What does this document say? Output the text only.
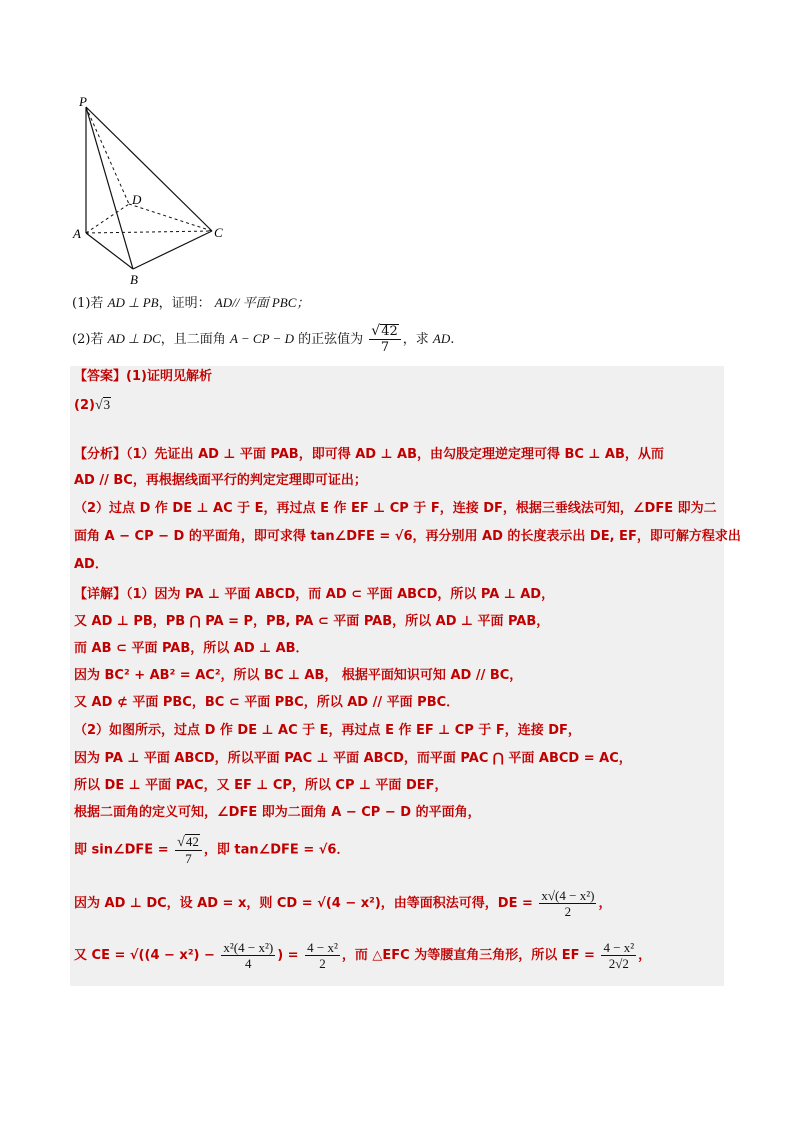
P
A
B
C
D
(1)若 AD ⊥ PB，证明： AD// 平面 PBC；
(2)若 AD ⊥ DC，且二面角 A − CP − D 的正弦值为 $\frac{√42}{7}$ ，求 AD.
【答案】(1)证明见解析
(2)√3
【分析】（1）先证出 AD ⊥ 平面 PAB，即可得 AD ⊥ AB，由勾股定理逆定理可得 BC ⊥ AB，从而
AD // BC，再根据线面平行的判定定理即可证出；
（2）过点 D 作 DE ⊥ AC 于 E，再过点 E 作 EF ⊥ CP 于 F，连接 DF，根据三垂线法可知，∠DFE 即为二
面角 A − CP − D 的平面角，即可求得 tan∠DFE = √6，再分别用 AD 的长度表示出 DE, EF，即可解方程求出
AD．
【详解】（1）因为 PA ⊥ 平面 ABCD，而 AD ⊂ 平面 ABCD，所以 PA ⊥ AD，
又 AD ⊥ PB，PB ⋂ PA = P，PB, PA ⊂ 平面 PAB，所以 AD ⊥ 平面 PAB，
而 AB ⊂ 平面 PAB，所以 AD ⊥ AB．
因为 BC² + AB² = AC²，所以 BC ⊥ AB， 根据平面知识可知 AD // BC，
又 AD ⊄ 平面 PBC，BC ⊂ 平面 PBC，所以 AD // 平面 PBC．
（2）如图所示，过点 D 作 DE ⊥ AC 于 E，再过点 E 作 EF ⊥ CP 于 F，连接 DF，
因为 PA ⊥ 平面 ABCD，所以平面 PAC ⊥ 平面 ABCD，而平面 PAC ⋂ 平面 ABCD = AC，
所以 DE ⊥ 平面 PAC，又 EF ⊥ CP，所以 CP ⊥ 平面 DEF，
根据二面角的定义可知，∠DFE 即为二面角 A − CP − D 的平面角，
即 sin∠DFE = $\frac{√42}{7}$ ，即 tan∠DFE = √6．
因为 AD ⊥ DC，设 AD = x，则 CD = √(4 − x²)，由等面积法可得，DE = $\frac{\text{x√(4 − x²)}}{2}$ ，
又 CE = $√((4 - x^2) - \frac{\text{x²(4 − x²)}}{4}$ ) = $\frac{\text{4 − x²}}{2}$ ，而 △EFC 为等腰直角三角形，所以 EF = $\frac{\text{4 − x²}}{2√2}$ ，
